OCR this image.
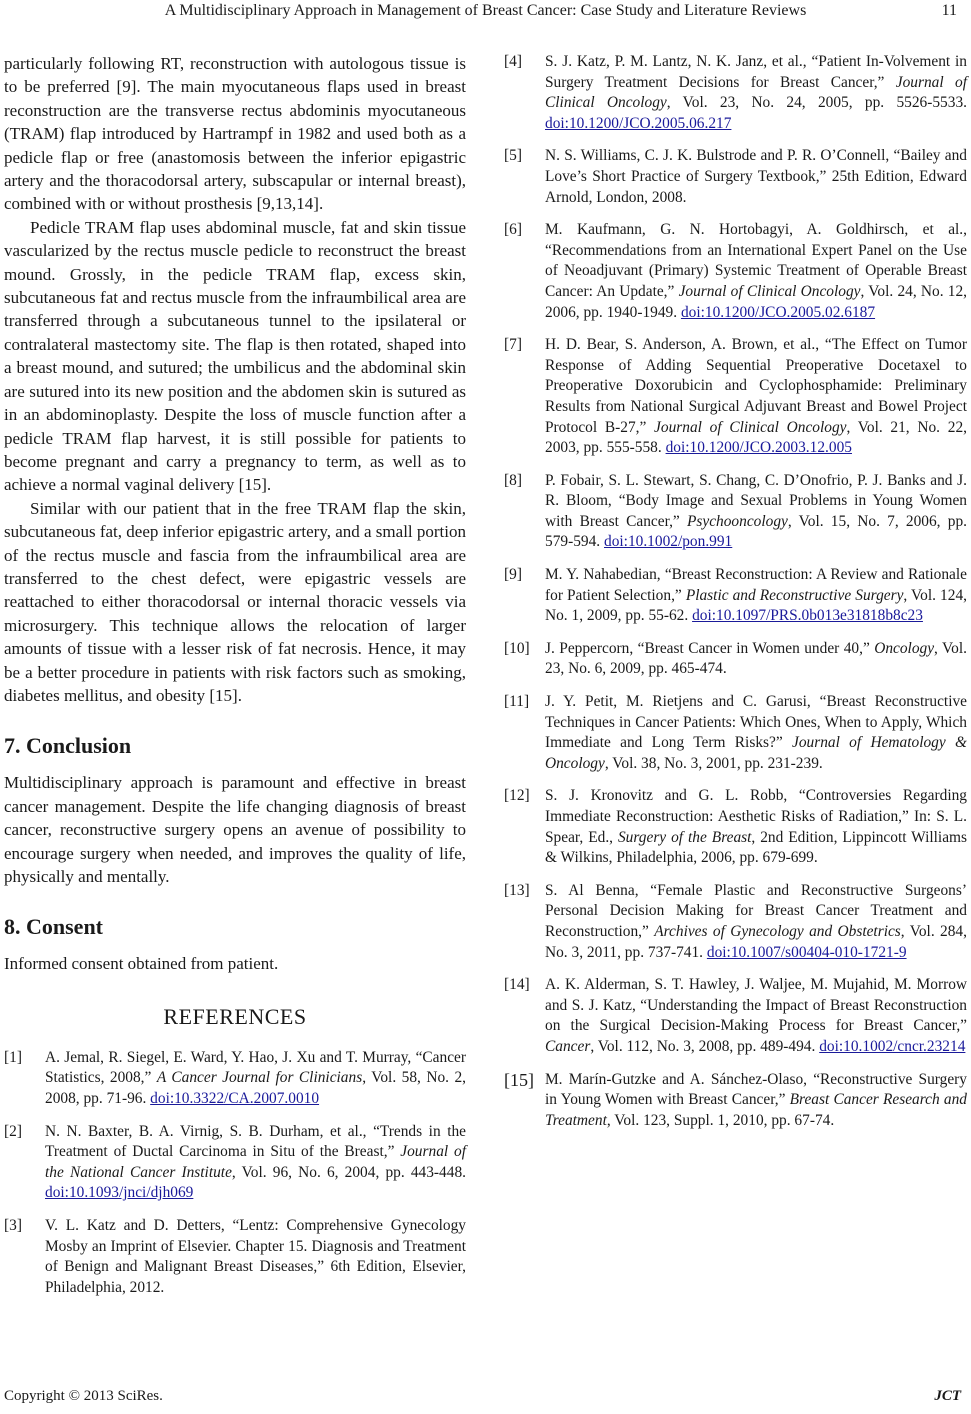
A Multidisciplinary Approach in Management of Breast Cancer: Case Study and Literature Reviews	11

particularly following RT, reconstruction with autologous tissue is to be preferred [9]. The main myocutaneous flaps used in breast reconstruction are the transverse rectus abdominis myocutaneous (TRAM) flap introduced by Hartrampf in 1982 and used both as a pedicle flap or free (anastomosis between the inferior epigastric artery and the thoracodorsal artery, subscapular or internal breast), combined with or without prosthesis [9,13,14].

Pedicle TRAM flap uses abdominal muscle, fat and skin tissue vascularized by the rectus muscle pedicle to reconstruct the breast mound. Grossly, in the pedicle TRAM flap, excess skin, subcutaneous fat and rectus muscle from the infraumbilical area are transferred through a subcutaneous tunnel to the ipsilateral or contralateral mastectomy site. The flap is then rotated, shaped into a breast mound, and sutured; the umbilicus and the abdominal skin are sutured into its new position and the abdomen skin is sutured as in an abdominoplasty. Despite the loss of muscle function after a pedicle TRAM flap harvest, it is still possible for patients to become pregnant and carry a pregnancy to term, as well as to achieve a normal vaginal delivery [15].

Similar with our patient that in the free TRAM flap the skin, subcutaneous fat, deep inferior epigastric artery, and a small portion of the rectus muscle and fascia from the infraumbilical area are transferred to the chest defect, were epigastric vessels are reattached to either thoracodorsal or internal thoracic vessels via microsurgery. This technique allows the relocation of larger amounts of tissue with a lesser risk of fat necrosis. Hence, it may be a better procedure in patients with risk factors such as smoking, diabetes mellitus, and obesity [15].

7. Conclusion

Multidisciplinary approach is paramount and effective in breast cancer management. Despite the life changing diagnosis of breast cancer, reconstructive surgery opens an avenue of possibility to encourage surgery when needed, and improves the quality of life, physically and mentally.

8. Consent

Informed consent obtained from patient.

REFERENCES
[1]	A. Jemal, R. Siegel, E. Ward, Y. Hao, J. Xu and T. Murray, “Cancer Statistics, 2008,” A Cancer Journal for Clinicians, Vol. 58, No. 2, 2008, pp. 71-96. doi:10.3322/CA.2007.0010
[2]	N. N. Baxter, B. A. Virnig, S. B. Durham, et al., “Trends in the Treatment of Ductal Carcinoma in Situ of the Breast,” Journal of the National Cancer Institute, Vol. 96, No. 6, 2004, pp. 443-448. doi:10.1093/jnci/djh069
[3]	V. L. Katz and D. Detters, “Lentz: Comprehensive Gynecology Mosby an Imprint of Elsevier. Chapter 15. Diagnosis and Treatment of Benign and Malignant Breast Diseases,” 6th Edition, Elsevier, Philadelphia, 2012.
[4]	S. J. Katz, P. M. Lantz, N. K. Janz, et al., “Patient In-Volvement in Surgery Treatment Decisions for Breast Cancer,” Journal of Clinical Oncology, Vol. 23, No. 24, 2005, pp. 5526-5533. doi:10.1200/JCO.2005.06.217
[5]	N. S. Williams, C. J. K. Bulstrode and P. R. O’Connell, “Bailey and Love’s Short Practice of Surgery Textbook,” 25th Edition, Edward Arnold, London, 2008.
[6]	M. Kaufmann, G. N. Hortobagyi, A. Goldhirsch, et al., “Recommendations from an International Expert Panel on the Use of Neoadjuvant (Primary) Systemic Treatment of Operable Breast Cancer: An Update,” Journal of Clinical Oncology, Vol. 24, No. 12, 2006, pp. 1940-1949. doi:10.1200/JCO.2005.02.6187
[7]	H. D. Bear, S. Anderson, A. Brown, et al., “The Effect on Tumor Response of Adding Sequential Preoperative Docetaxel to Preoperative Doxorubicin and Cyclophosphamide: Preliminary Results from National Surgical Adjuvant Breast and Bowel Project Protocol B-27,” Journal of Clinical Oncology, Vol. 21, No. 22, 2003, pp. 555-558. doi:10.1200/JCO.2003.12.005
[8]	P. Fobair, S. L. Stewart, S. Chang, C. D’Onofrio, P. J. Banks and J. R. Bloom, “Body Image and Sexual Problems in Young Women with Breast Cancer,” Psychooncology, Vol. 15, No. 7, 2006, pp. 579-594. doi:10.1002/pon.991
[9]	M. Y. Nahabedian, “Breast Reconstruction: A Review and Rationale for Patient Selection,” Plastic and Reconstructive Surgery, Vol. 124, No. 1, 2009, pp. 55-62. doi:10.1097/PRS.0b013e31818b8c23
[10] J. Peppercorn, “Breast Cancer in Women under 40,” Oncology, Vol. 23, No. 6, 2009, pp. 465-474.
[11]	J. Y. Petit, M. Rietjens and C. Garusi, “Breast Reconstructive Techniques in Cancer Patients: Which Ones, When to Apply, Which Immediate and Long Term Risks?” Journal of Hematology & Oncology, Vol. 38, No. 3, 2001, pp. 231-239.
[12] S. J. Kronovitz and G. L. Robb, “Controversies Regarding Immediate Reconstruction: Aesthetic Risks of Radiation,” In: S. L. Spear, Ed., Surgery of the Breast, 2nd Edition, Lippincott Williams & Wilkins, Philadelphia, 2006, pp. 679-699.
[13] S. Al Benna, “Female Plastic and Reconstructive Surgeons’ Personal Decision Making for Breast Cancer Treatment and Reconstruction,” Archives of Gynecology and Obstetrics, Vol. 284, No. 3, 2011, pp. 737-741. doi:10.1007/s00404-010-1721-9
[14] A. K. Alderman, S. T. Hawley, J. Waljee, M. Mujahid, M. Morrow and S. J. Katz, “Understanding the Impact of Breast Reconstruction on the Surgical Decision-Making Process for Breast Cancer,” Cancer, Vol. 112, No. 3, 2008, pp. 489-494. doi:10.1002/cncr.23214
[15] M. Marín-Gutzke and A. Sánchez-Olaso, “Reconstructive Surgery in Young Women with Breast Cancer,” Breast Cancer Research and Treatment, Vol. 123, Suppl. 1, 2010, pp. 67-74.
Copyright © 2013 SciRes.	JCT
